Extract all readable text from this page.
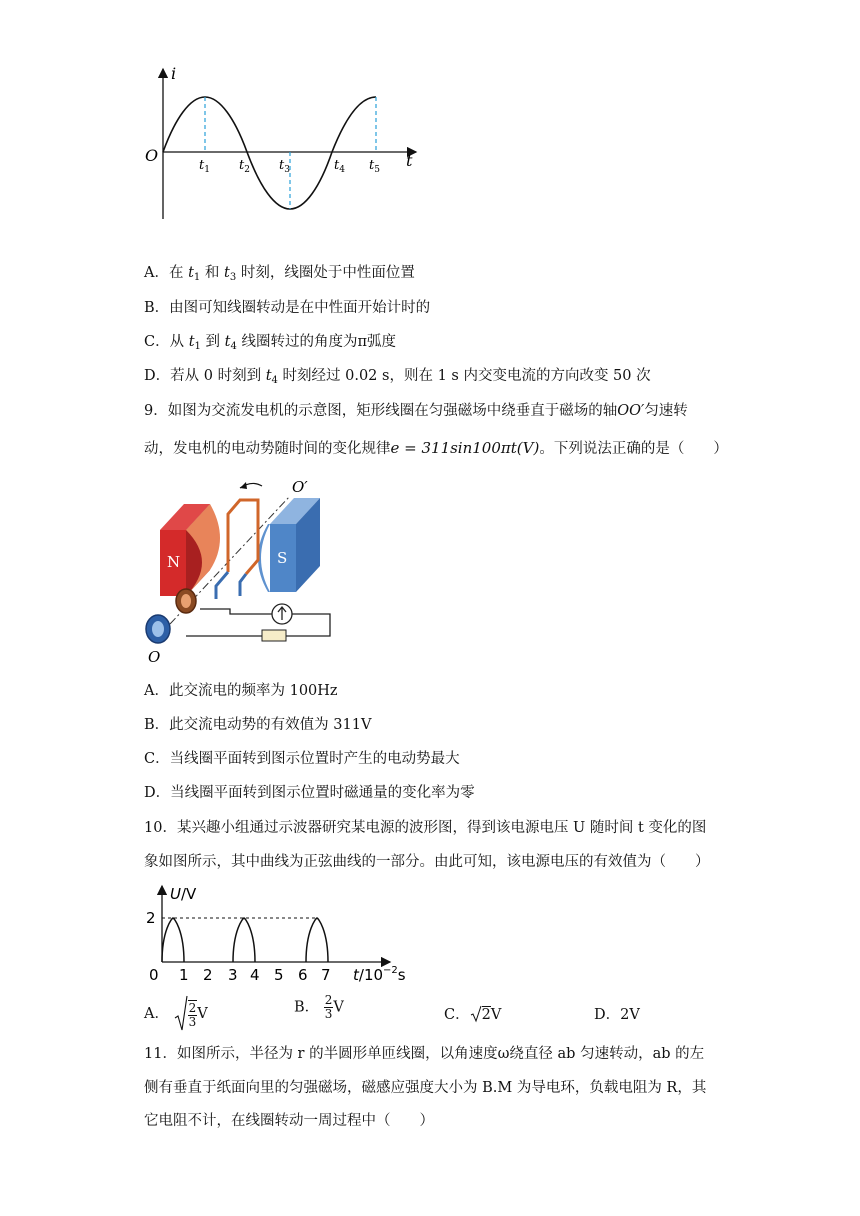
i
t
O
$t_1$ $t_2$ $t_3$	$t_4$ $t_5$
A．在 $t_1$ 和 $t_3$ 时刻，线圈处于中性面位置
B．由图可知线圈转动是在中性面开始计时的
C．从 $t_1$ 到 $t_4$ 线圈转过的角度为π弧度
D．若从 0 时刻到 $t_4$ 时刻经过 0.02 s，则在 1 s 内交变电流的方向改变 50 次
9．如图为交流发电机的示意图，矩形线圈在匀强磁场中绕垂直于磁场的轴OO′匀速转
动，发电机的电动势随时间的变化规律e = 311sin100πt(V)。下列说法正确的是（　　）
N	S
O
O′
A．此交流电的频率为 100Hz
B．此交流电动势的有效值为 311V
C．当线圈平面转到图示位置时产生的电动势最大
D．当线圈平面转到图示位置时磁通量的变化率为零
10．某兴趣小组通过示波器研究某电源的波形图，得到该电源电压 U 随时间 t 变化的图
象如图所示，其中曲线为正弦曲线的一部分。由此可知，该电源电压的有效值为（　　）
U/V
2
0 1 2 3 4 5 6 7 $t/10^{-2}s$
A． $\frac{2}{3}$ V	B． $\frac{2}{3}$ V	C． 2V	D．2V
11．如图所示，半径为 r 的半圆形单匝线圈，以角速度ω绕直径 ab 匀速转动，ab 的左
侧有垂直于纸面向里的匀强磁场，磁感应强度大小为 B.M 为导电环，负载电阻为 R，其
它电阻不计，在线圈转动一周过程中（　　）
